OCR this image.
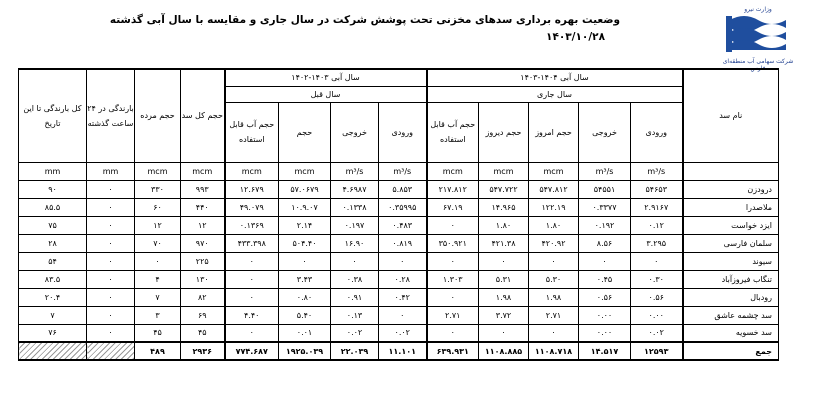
وزارت نیرو
شرکت سهامی آب منطقه‌ای فارس
وضعیت بهره برداری سدهای مخزنی تحت پوشش شرکت در سال جاری و مقایسه با سال آبی گذشته
۱۴۰۳/۱۰/۲۸
نام سد	سال آبی ۱۴۰۴-۱۴۰۳					سال آبی ۱۴۰۳-۱۴۰۲				حجم کل سد	حجم مرده	بارندگی در ۲۴ ساعت گذشته	کل بارندگی تا این تاریخ
	سال جاری					سال قبل							
	ورودی	خروجی	حجم امروز	حجم دیروز	حجم آب قابل استفاده	ورودی	خروجی	حجم	حجم آب قابل استفاده				
	m³/s	m³/s	mcm	mcm	mcm	m³/s	m³/s	mcm	mcm	mcm	mcm	mm	mm
درودزن	۵۴۶۵۳	۵۴۵۵۱	۵۴۷.۸۱۲	۵۴۷.۷۲۲	۲۱۷.۸۱۲	۵.۸۵۳	۴.۶۹۸۷	۵۷.۰۶۷۹	۱۲.۶۷۹	۹۹۳	۳۳۰	۰	۹۰
ملاصدرا	۲.۹۱۶۷	۰.۳۳۷۷	۱۲۲.۱۹	۱۴.۹۶۵	۶۷.۱۹	۰.۳۵۹۹۵	۰.۱۳۳۸	۱۰.۹.۰۷	۴۹.۰۷۹	۴۴۰	۶۰	۰	۸۵.۵
ایزد خواست	۰.۱۲	۰.۱۹۲	۱.۸۰	۱.۸۰	۰	۰.۴۸۳	۰.۱۹۷	۲.۱۴	۰.۱۳۶۹	۱۲	۱۲	۰	۷۵
سلمان فارسی	۳.۲۹۵	۸.۵۶	۴۲۰.۹۲	۴۲۱.۳۸	۳۵۰.۹۲۱	۰.۸۱۹	۱۶.۹۰	۵۰۴.۴۰	۴۳۳.۳۹۸	۹۷۰	۷۰	۰	۲۸
سیوند	۰	۰	۰	۰	۰	۰	۰	۰	۰	۲۲۵	۰	۰	۵۴
تنگاب فیروزآباد	۰.۳۰	۰.۴۵	۵.۳۰	۵.۳۱	۱.۳۰۳	۰.۲۸	۰.۳۸	۳.۴۳	۰	۱۳۰	۴	۰	۸۳.۵
رودبال	۰.۵۶	۰.۵۶	۱.۹۸	۱.۹۸	۰	۰.۴۲	۰.۹۱	۰.۸۰	۰	۸۲	۷	۰	۲۰.۴
سد چشمه عاشق	۰.۰۰	۰.۰۰	۲.۷۱	۳.۷۲	۲.۷۱	۰	۰.۱۳	۵.۴۰	۴.۴۰	۶۹	۳	۰	۷
سد خسویه	۰.۰۲	۰.۰۰	۰	۰	۰	۰.۰۲	۰.۰۲	۰.۰۱	۰	۴۵	۴۵	۰	۷۶
جمع	۱۲۵۹۳	۱۴.۵۱۷	۱۱۰۸.۷۱۸	۱۱۰۸.۸۸۵	۶۳۹.۹۳۱	۱۱.۱۰۱	۲۲.۰۳۹	۱۹۲۵.۰۳۹	۷۷۴.۶۸۷	۲۹۳۶	۴۸۹		
